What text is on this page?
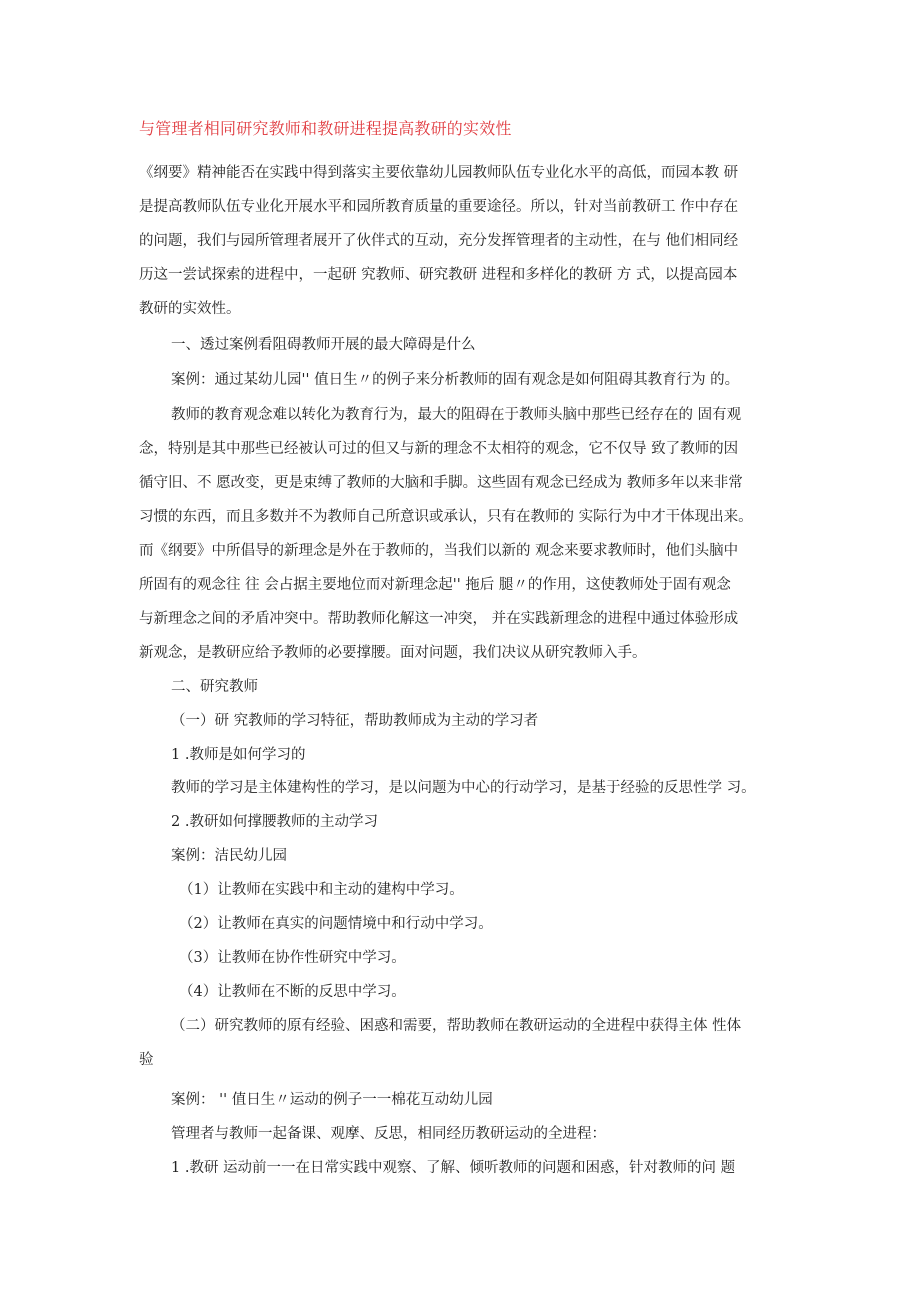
与管理者相同研究教师和教研进程提高教研的实效性

《纲要》精神能否在实践中得到落实主要依靠幼儿园教师队伍专业化水平的高低，而园本教 研

是提高教师队伍专业化开展水平和园所教育质量的重要途径。所以，针对当前教研工 作中存在

的问题，我们与园所管理者展开了伙伴式的互动，充分发挥管理者的主动性，在与 他们相同经

历这一尝试探索的进程中，一起研 究教师、研究教研 进程和多样化的教研 方 式，以提高园本

教研的实效性。

一、透过案例看阻碍教师开展的最大障碍是什么

案例：通过某幼儿园'' 值日生〃的例子来分析教师的固有观念是如何阻碍其教育行为 的。

教师的教育观念难以转化为教育行为，最大的阻碍在于教师头脑中那些已经存在的 固有观

念，特别是其中那些已经被认可过的但又与新的理念不太相符的观念，它不仅导 致了教师的因

循守旧、不 愿改变，更是束缚了教师的大脑和手脚。这些固有观念已经成为 教师多年以来非常

习惯的东西，而且多数并不为教师自己所意识或承认，只有在教师的 实际行为中才干体现出来。

而《纲要》中所倡导的新理念是外在于教师的，当我们以新的 观念来要求教师时，他们头脑中

所固有的观念往 往 会占据主要地位而对新理念起'' 拖后 腿〃的作用，这使教师处于固有观念

与新理念之间的矛盾冲突中。帮助教师化解这一冲突， 并在实践新理念的进程中通过体验形成

新观念，是教研应给予教师的必要撑腰。面对问题，我们决议从研究教师入手。

二、研究教师

（一）研 究教师的学习特征，帮助教师成为主动的学习者

1 .教师是如何学习的

教师的学习是主体建构性的学习，是以问题为中心的行动学习，是基于经验的反思性学 习。

2 .教研如何撑腰教师的主动学习

案例：洁民幼儿园

（1）让教师在实践中和主动的建构中学习。

（2）让教师在真实的问题情境中和行动中学习。

（3）让教师在协作性研究中学习。

（4）让教师在不断的反思中学习。

（二）研究教师的原有经验、困惑和需要，帮助教师在教研运动的全进程中获得主体 性体

验

案例： '' 值日生〃运动的例子一一棉花互动幼儿园

管理者与教师一起备课、观摩、反思，相同经历教研运动的全进程：

1 .教研 运动前一一在日常实践中观察、了解、倾听教师的问题和困惑，针对教师的问 题
